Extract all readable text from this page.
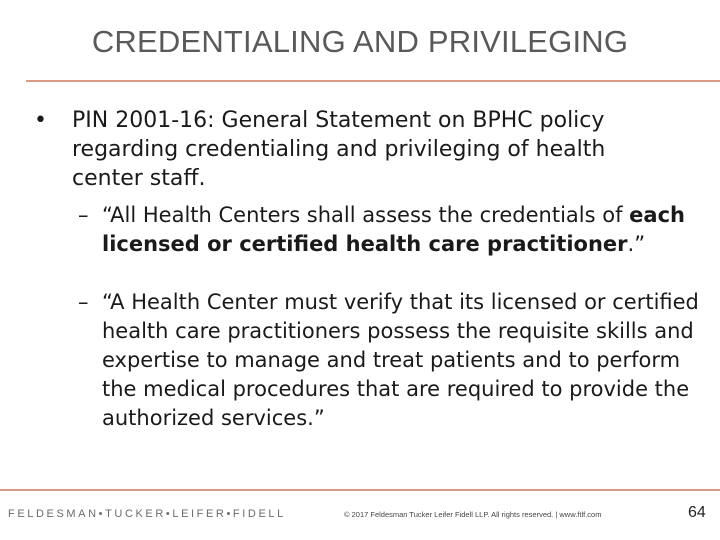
CREDENTIALING AND PRIVILEGING
• PIN 2001-16: General Statement on BPHC policy regarding credentialing and privileging of health center staff.
– “All Health Centers shall assess the credentials of each licensed or certified health care practitioner.”
– “A Health Center must verify that its licensed or certified health care practitioners possess the requisite skills and expertise to manage and treat patients and to perform the medical procedures that are required to provide the authorized services.”
FELDESMAN•TUCKER•LEIFER•FIDELL	© 2017 Feldesman Tucker Leifer Fidell LLP. All rights reserved. | www.ftlf.com	64
